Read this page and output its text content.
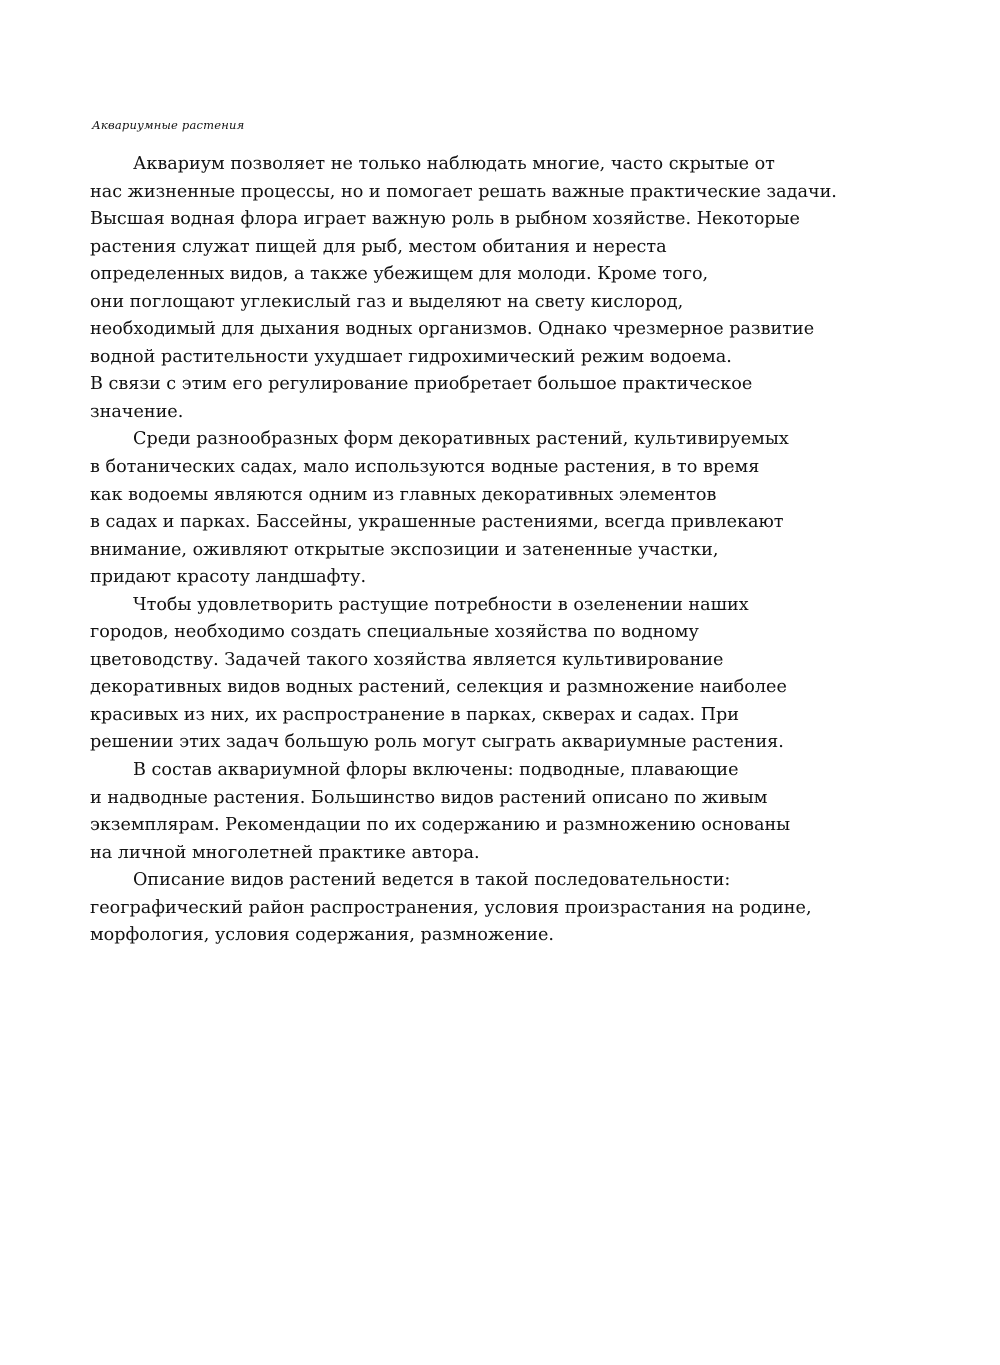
Аквариумные растения

Аквариум позволяет не только наблюдать многие, часто скрытые от
нас жизненные процессы, но и помогает решать важные практические задачи.
Высшая водная флора играет важную роль в рыбном хозяйстве. Некоторые
растения служат пищей для рыб, местом обитания и нереста
определенных видов, а также убежищем для молоди. Кроме того,
они поглощают углекислый газ и выделяют на свету кислород,
необходимый для дыхания водных организмов. Однако чрезмерное развитие
водной растительности ухудшает гидрохимический режим водоема.
В связи с этим его регулирование приобретает большое практическое
значение.

Среди разнообразных форм декоративных растений, культивируемых
в ботанических садах, мало используются водные растения, в то время
как водоемы являются одним из главных декоративных элементов
в садах и парках. Бассейны, украшенные растениями, всегда привлекают
внимание, оживляют открытые экспозиции и затененные участки,
придают красоту ландшафту.

Чтобы удовлетворить растущие потребности в озеленении наших
городов, необходимо создать специальные хозяйства по водному
цветоводству. Задачей такого хозяйства является культивирование
декоративных видов водных растений, селекция и размножение наиболее
красивых из них, их распространение в парках, скверах и садах. При
решении этих задач большую роль могут сыграть аквариумные растения.

В состав аквариумной флоры включены: подводные, плавающие
и надводные растения. Большинство видов растений описано по живым
экземплярам. Рекомендации по их содержанию и размножению основаны
на личной многолетней практике автора.

Описание видов растений ведется в такой последовательности:
географический район распространения, условия произрастания на родине,
морфология, условия содержания, размножение.
